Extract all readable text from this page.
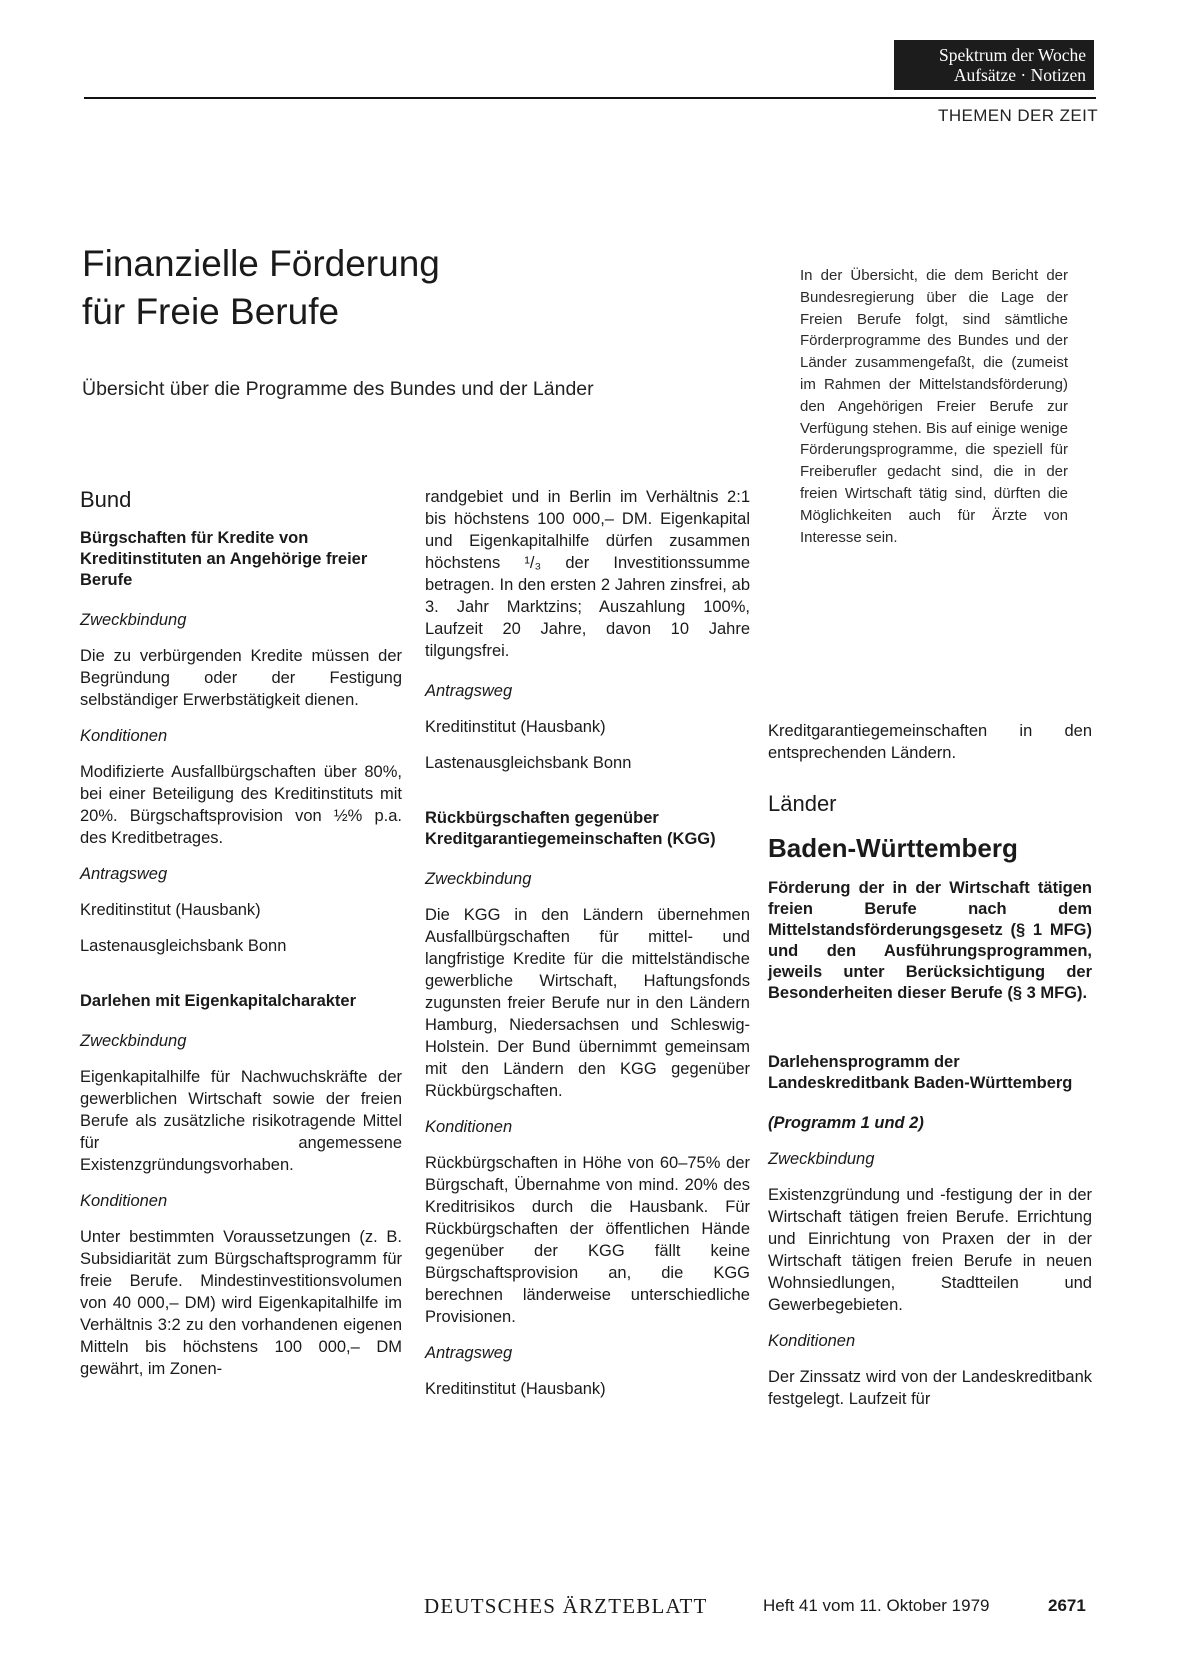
Spektrum der Woche
Aufsätze · Notizen
THEMEN DER ZEIT
Finanzielle Förderung
für Freie Berufe
Übersicht über die Programme des Bundes und der Länder
In der Übersicht, die dem Bericht der Bundesregierung über die Lage der Freien Berufe folgt, sind sämtliche Förderprogramme des Bundes und der Länder zusammengefaßt, die (zumeist im Rahmen der Mittelstandsförderung) den Angehörigen Freier Berufe zur Verfügung stehen. Bis auf einige wenige Förderungsprogramme, die speziell für Freiberufler gedacht sind, die in der freien Wirtschaft tätig sind, dürften die Möglichkeiten auch für Ärzte von Interesse sein.
Bund
Bürgschaften für Kredite von Kreditinstituten an Angehörige freier Berufe
Zweckbindung

Die zu verbürgenden Kredite müssen der Begründung oder der Festigung selbständiger Erwerbstätigkeit dienen.

Konditionen

Modifizierte Ausfallbürgschaften über 80%, bei einer Beteiligung des Kreditinstituts mit 20%. Bürgschaftsprovision von ½% p.a. des Kreditbetrages.

Antragsweg

Kreditinstitut (Hausbank)

Lastenausgleichsbank Bonn

Darlehen mit Eigenkapitalcharakter
Zweckbindung

Eigenkapitalhilfe für Nachwuchskräfte der gewerblichen Wirtschaft sowie der freien Berufe als zusätzliche risikotragende Mittel für angemessene Existenzgründungsvorhaben.

Konditionen

Unter bestimmten Voraussetzungen (z. B. Subsidiarität zum Bürgschaftsprogramm für freie Berufe. Mindestinvestitionsvolumen von 40 000,– DM) wird Eigenkapitalhilfe im Verhältnis 3:2 zu den vorhandenen eigenen Mitteln bis höchstens 100 000,– DM gewährt, im Zonen-

randgebiet und in Berlin im Verhältnis 2:1 bis höchstens 100 000,– DM. Eigenkapital und Eigenkapitalhilfe dürfen zusammen höchstens ¹/₃ der Investitionssumme betragen. In den ersten 2 Jahren zinsfrei, ab 3. Jahr Marktzins; Auszahlung 100%, Laufzeit 20 Jahre, davon 10 Jahre tilgungsfrei.

Antragsweg

Kreditinstitut (Hausbank)

Lastenausgleichsbank Bonn

Rückbürgschaften gegenüber Kreditgarantiegemeinschaften (KGG)
Zweckbindung

Die KGG in den Ländern übernehmen Ausfallbürgschaften für mittel- und langfristige Kredite für die mittelständische gewerbliche Wirtschaft, Haftungsfonds zugunsten freier Berufe nur in den Ländern Hamburg, Niedersachsen und Schleswig-Holstein. Der Bund übernimmt gemeinsam mit den Ländern den KGG gegenüber Rückbürgschaften.

Konditionen

Rückbürgschaften in Höhe von 60–75% der Bürgschaft, Übernahme von mind. 20% des Kreditrisikos durch die Hausbank. Für Rückbürgschaften der öffentlichen Hände gegenüber der KGG fällt keine Bürgschaftsprovision an, die KGG berechnen länderweise unterschiedliche Provisionen.

Antragsweg

Kreditinstitut (Hausbank)

Kreditgarantiegemeinschaften in den entsprechenden Ländern.

Länder
Baden-Württemberg
Förderung der in der Wirtschaft tätigen freien Berufe nach dem Mittelstandsförderungsgesetz (§ 1 MFG) und den Ausführungsprogrammen, jeweils unter Berücksichtigung der Besonderheiten dieser Berufe (§ 3 MFG).
Darlehensprogramm der Landeskreditbank Baden-Württemberg
(Programm 1 und 2)
Zweckbindung

Existenzgründung und -festigung der in der Wirtschaft tätigen freien Berufe. Errichtung und Einrichtung von Praxen der in der Wirtschaft tätigen freien Berufe in neuen Wohnsiedlungen, Stadtteilen und Gewerbegebieten.

Konditionen

Der Zinssatz wird von der Landeskreditbank festgelegt. Laufzeit für

DEUTSCHES ÄRZTEBLATT	Heft 41 vom 11. Oktober 1979	2671
